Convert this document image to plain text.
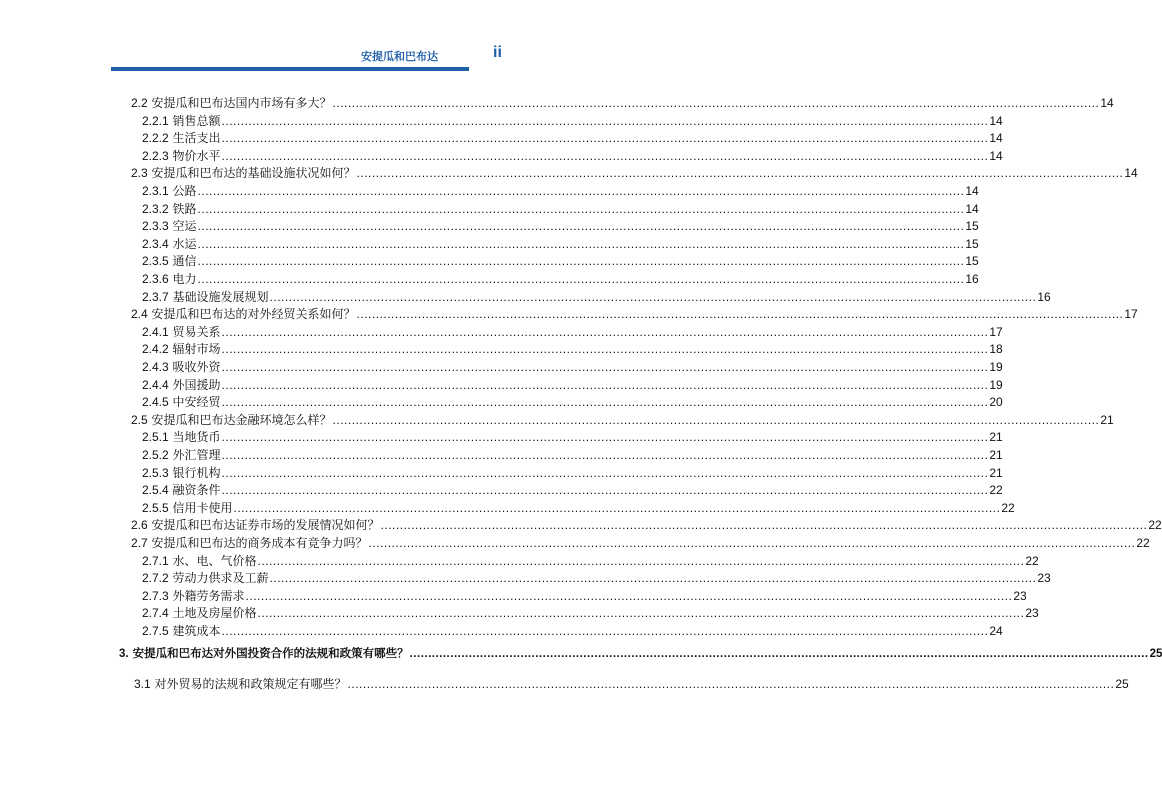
安提瓜和巴布达	ii
2.2 安提瓜和巴布达国内市场有多大？ ........................................................................................................................................................................................................ 14
2.2.1 销售总额 ........................................................................................................................................................................................................ 14
2.2.2 生活支出 ........................................................................................................................................................................................................ 14
2.2.3 物价水平 ........................................................................................................................................................................................................ 14
2.3 安提瓜和巴布达的基础设施状况如何？ ........................................................................................................................................................................................................ 14
2.3.1 公路 ........................................................................................................................................................................................................ 14
2.3.2 铁路 ........................................................................................................................................................................................................ 14
2.3.3 空运 ........................................................................................................................................................................................................ 15
2.3.4 水运 ........................................................................................................................................................................................................ 15
2.3.5 通信 ........................................................................................................................................................................................................ 15
2.3.6 电力 ........................................................................................................................................................................................................ 16
2.3.7 基础设施发展规划 ........................................................................................................................................................................................................ 16
2.4 安提瓜和巴布达的对外经贸关系如何？ ........................................................................................................................................................................................................ 17
2.4.1 贸易关系 ........................................................................................................................................................................................................ 17
2.4.2 辐射市场 ........................................................................................................................................................................................................ 18
2.4.3 吸收外资 ........................................................................................................................................................................................................ 19
2.4.4 外国援助 ........................................................................................................................................................................................................ 19
2.4.5 中安经贸 ........................................................................................................................................................................................................ 20
2.5 安提瓜和巴布达金融环境怎么样？ ........................................................................................................................................................................................................ 21
2.5.1 当地货币 ........................................................................................................................................................................................................ 21
2.5.2 外汇管理 ........................................................................................................................................................................................................ 21
2.5.3 银行机构 ........................................................................................................................................................................................................ 21
2.5.4 融资条件 ........................................................................................................................................................................................................ 22
2.5.5 信用卡使用 ........................................................................................................................................................................................................ 22
2.6 安提瓜和巴布达证券市场的发展情况如何？ ........................................................................................................................................................................................................ 22
2.7 安提瓜和巴布达的商务成本有竞争力吗？ ........................................................................................................................................................................................................ 22
2.7.1 水、电、气价格 ........................................................................................................................................................................................................ 22
2.7.2 劳动力供求及工薪 ........................................................................................................................................................................................................ 23
2.7.3 外籍劳务需求 ........................................................................................................................................................................................................ 23
2.7.4 土地及房屋价格 ........................................................................................................................................................................................................ 23
2.7.5 建筑成本 ........................................................................................................................................................................................................ 24
3. 安提瓜和巴布达对外国投资合作的法规和政策有哪些？ ........................................................................................................................................................................................................ 25
3.1 对外贸易的法规和政策规定有哪些？ ........................................................................................................................................................................................................ 25
